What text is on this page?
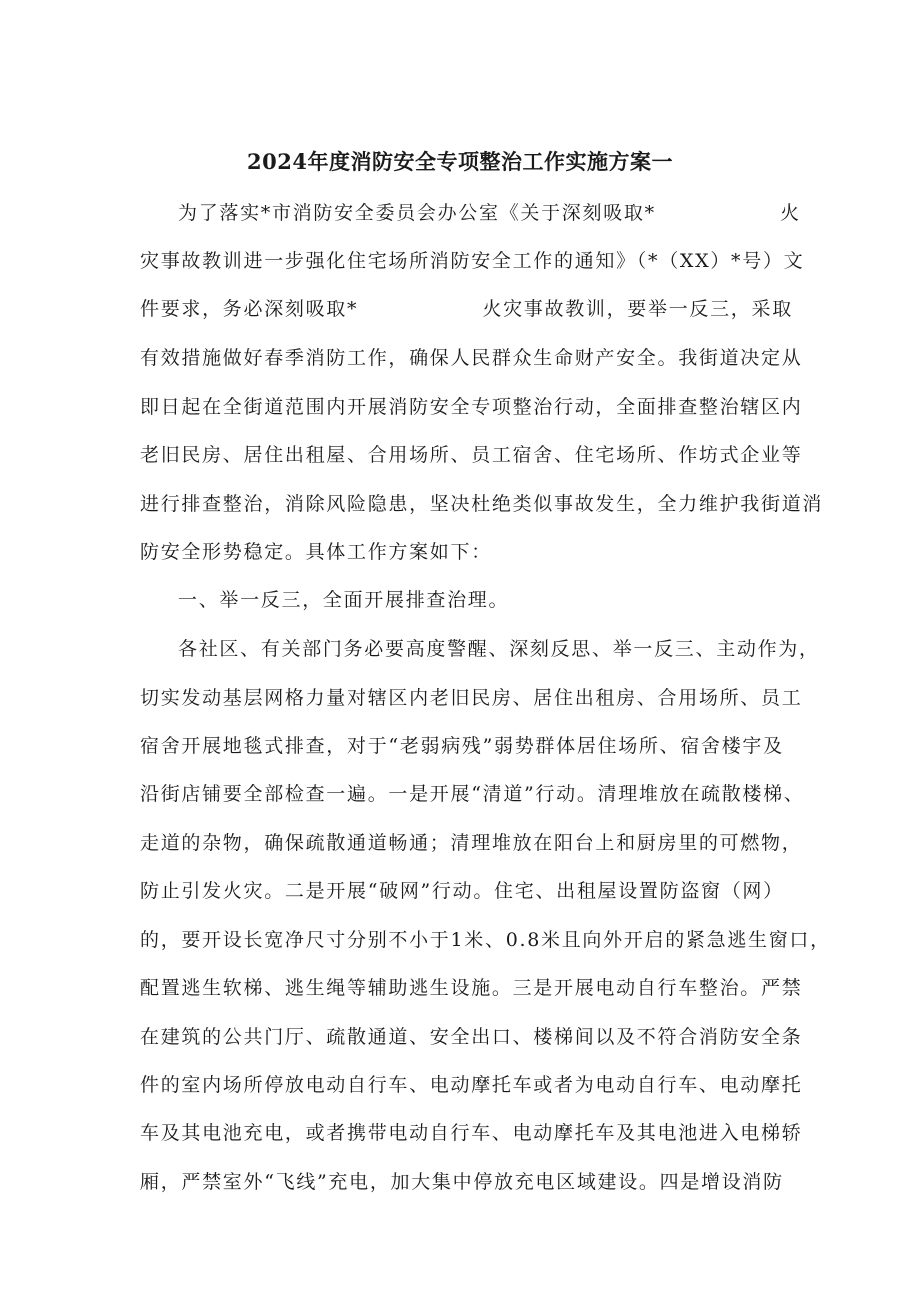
2024年度消防安全专项整治工作实施方案一
为了落实*市消防安全委员会办公室《关于深刻吸取*　　　　　　火
灾事故教训进一步强化住宅场所消防安全工作的通知》（*（XX）*号）文
件要求，务必深刻吸取*　　　　　　火灾事故教训，要举一反三，采取
有效措施做好春季消防工作，确保人民群众生命财产安全。我街道决定从
即日起在全街道范围内开展消防安全专项整治行动，全面排查整治辖区内
老旧民房、居住出租屋、合用场所、员工宿舍、住宅场所、作坊式企业等
进行排查整治，消除风险隐患，坚决杜绝类似事故发生，全力维护我街道消
防安全形势稳定。具体工作方案如下：
一、举一反三，全面开展排查治理。
各社区、有关部门务必要高度警醒、深刻反思、举一反三、主动作为，
切实发动基层网格力量对辖区内老旧民房、居住出租房、合用场所、员工
宿舍开展地毯式排查，对于“老弱病残”弱势群体居住场所、宿舍楼宇及
沿街店铺要全部检查一遍。一是开展“清道”行动。清理堆放在疏散楼梯、
走道的杂物，确保疏散通道畅通；清理堆放在阳台上和厨房里的可燃物，
防止引发火灾。二是开展“破网”行动。住宅、出租屋设置防盗窗（网）
的，要开设长宽净尺寸分别不小于1米、0.8米且向外开启的紧急逃生窗口，
配置逃生软梯、逃生绳等辅助逃生设施。三是开展电动自行车整治。严禁
在建筑的公共门厅、疏散通道、安全出口、楼梯间以及不符合消防安全条
件的室内场所停放电动自行车、电动摩托车或者为电动自行车、电动摩托
车及其电池充电，或者携带电动自行车、电动摩托车及其电池进入电梯轿
厢，严禁室外“飞线”充电，加大集中停放充电区域建设。四是增设消防
